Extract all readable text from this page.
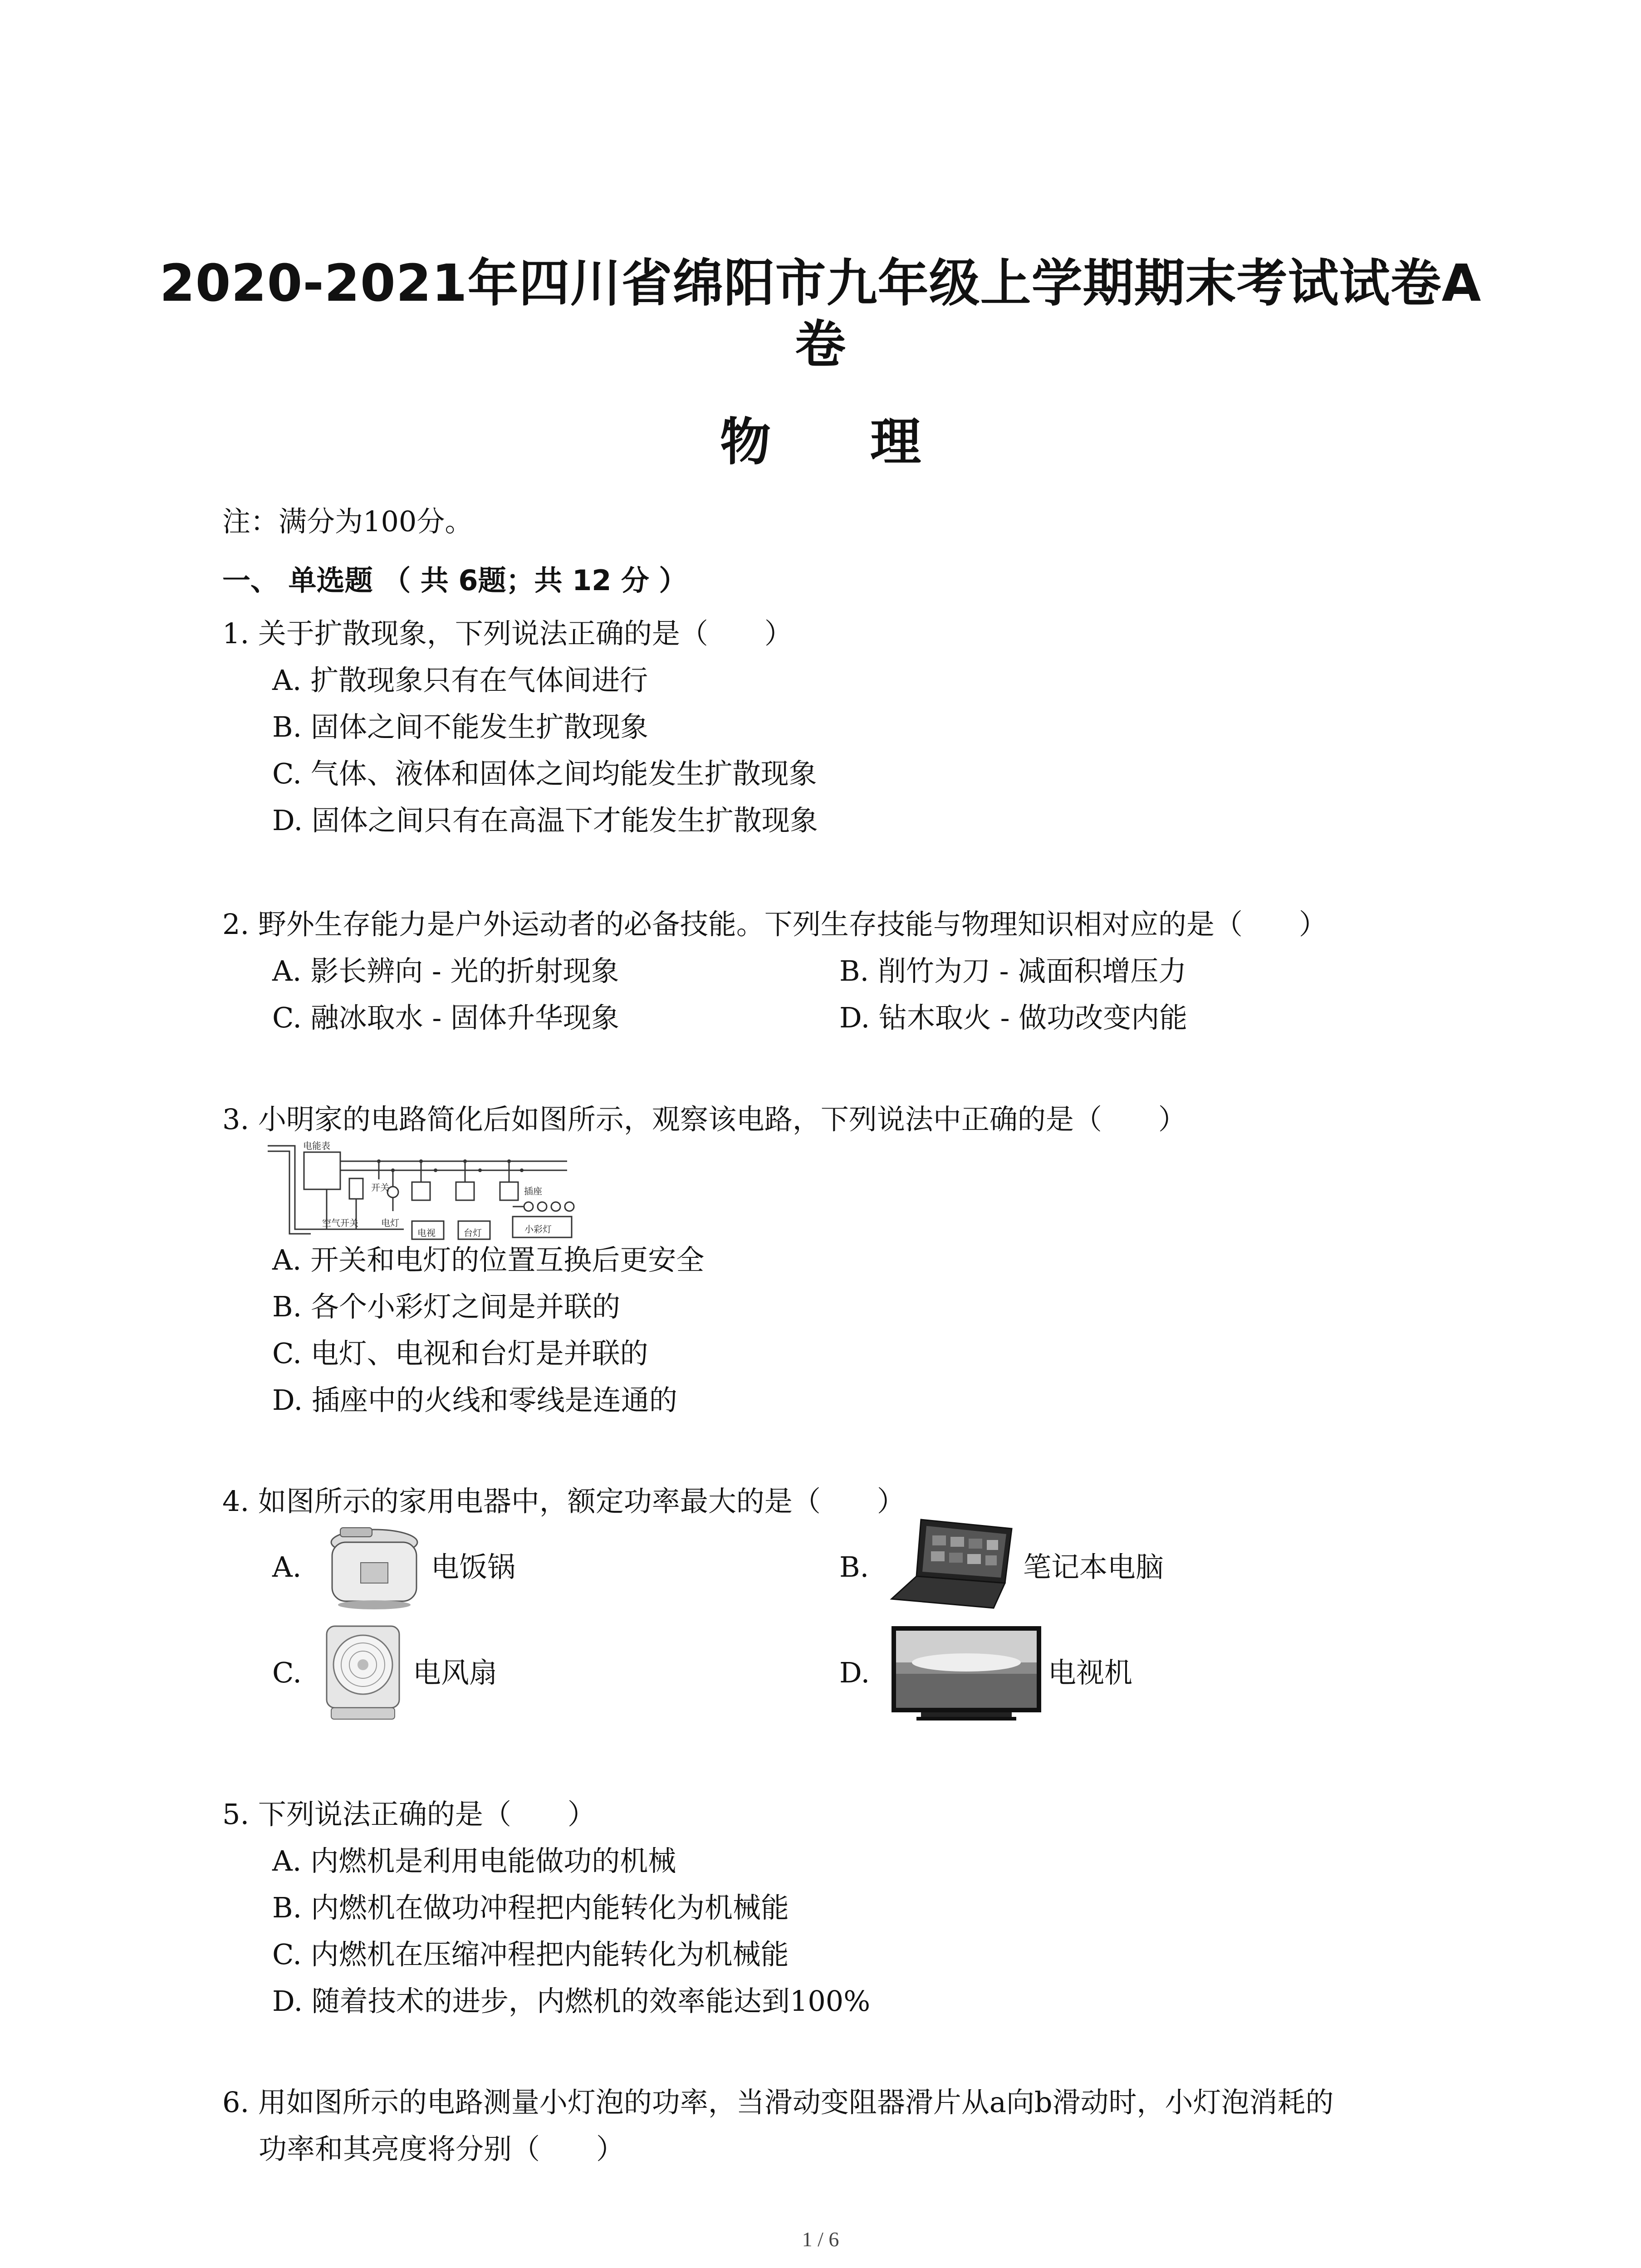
2020-2021年四川省绵阳市九年级上学期期末考试试卷A
卷
物 理
注：满分为100分。
一、 单选题 （ 共 6题；共 12 分 ）
1. 关于扩散现象，下列说法正确的是（　　）
A. 扩散现象只有在气体间进行
B. 固体之间不能发生扩散现象
C. 气体、液体和固体之间均能发生扩散现象
D. 固体之间只有在高温下才能发生扩散现象
2. 野外生存能力是户外运动者的必备技能。下列生存技能与物理知识相对应的是（　　）
A. 影长辨向 - 光的折射现象	B. 削竹为刀 - 减面积增压力
C. 融冰取水 - 固体升华现象	D. 钻木取火 - 做功改变内能
3. 小明家的电路简化后如图所示，观察该电路，下列说法中正确的是（　　）
电能表
开关	插座
空气开关	电灯
电视	台灯	小彩灯
A. 开关和电灯的位置互换后更安全
B. 各个小彩灯之间是并联的
C. 电灯、电视和台灯是并联的
D. 插座中的火线和零线是连通的
4. 如图所示的家用电器中，额定功率最大的是（　　）
A.	电饭锅	B.	笔记本电脑
C.	电风扇	D.	电视机
5. 下列说法正确的是（　　）
A. 内燃机是利用电能做功的机械
B. 内燃机在做功冲程把内能转化为机械能
C. 内燃机在压缩冲程把内能转化为机械能
D. 随着技术的进步，内燃机的效率能达到100%
6. 用如图所示的电路测量小灯泡的功率，当滑动变阻器滑片从a向b滑动时，小灯泡消耗的
功率和其亮度将分别（　　）
1 / 6
